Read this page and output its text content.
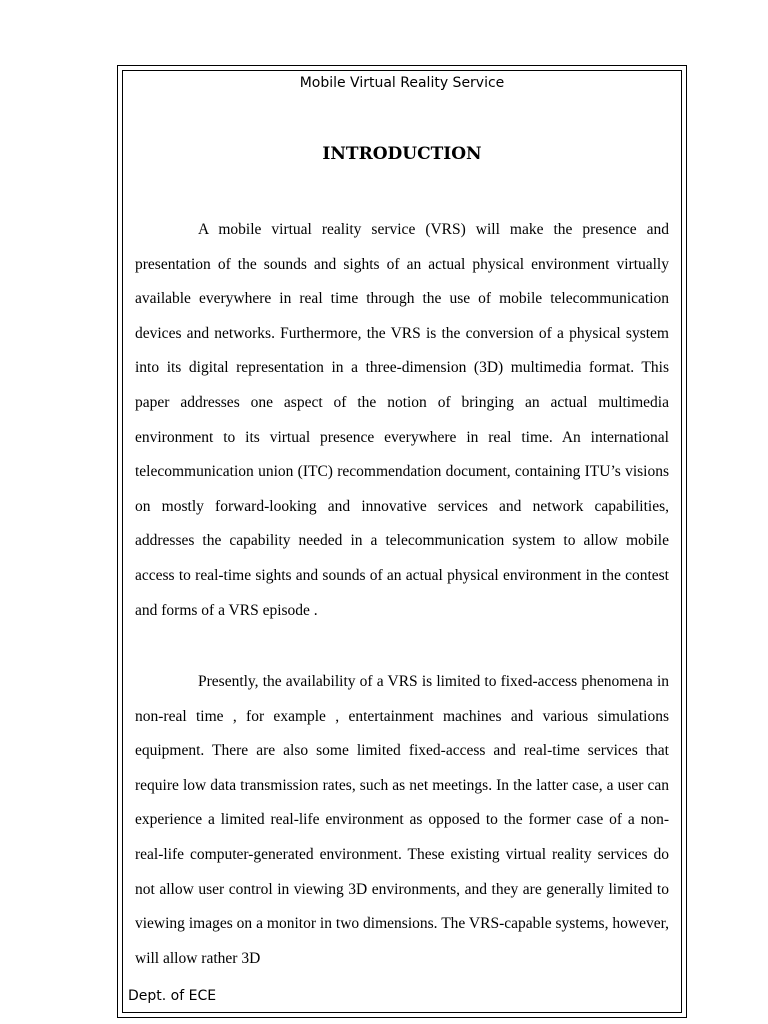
Mobile Virtual Reality Service
INTRODUCTION

A mobile virtual reality service (VRS) will make the presence and presentation of the sounds and sights of an actual physical environment virtually available everywhere in real time through the use of mobile telecommunication devices and networks. Furthermore, the VRS is the conversion of a physical system into its digital representation in a three-dimension (3D) multimedia format. This paper addresses one aspect of the notion of bringing an actual multimedia environment to its virtual presence everywhere in real time. An international telecommunication union (ITC) recommendation document, containing ITU’s visions on mostly forward-looking and innovative services and network capabilities, addresses the capability needed in a telecommunication system to allow mobile access to real-time sights and sounds of an actual physical environment in the contest and forms of a VRS episode .

Presently, the availability of a VRS is limited to fixed-access phenomena in non-real time , for example , entertainment machines and various simulations equipment. There are also some limited fixed-access and real-time services that require low data transmission rates, such as net meetings. In the latter case, a user can experience a limited real-life environment as opposed to the former case of a non-real-life computer-generated environment. These existing virtual reality services do not allow user control in viewing 3D environments, and they are generally limited to viewing images on a monitor in two dimensions. The VRS-capable systems, however, will allow rather 3D

Dept. of ECE
